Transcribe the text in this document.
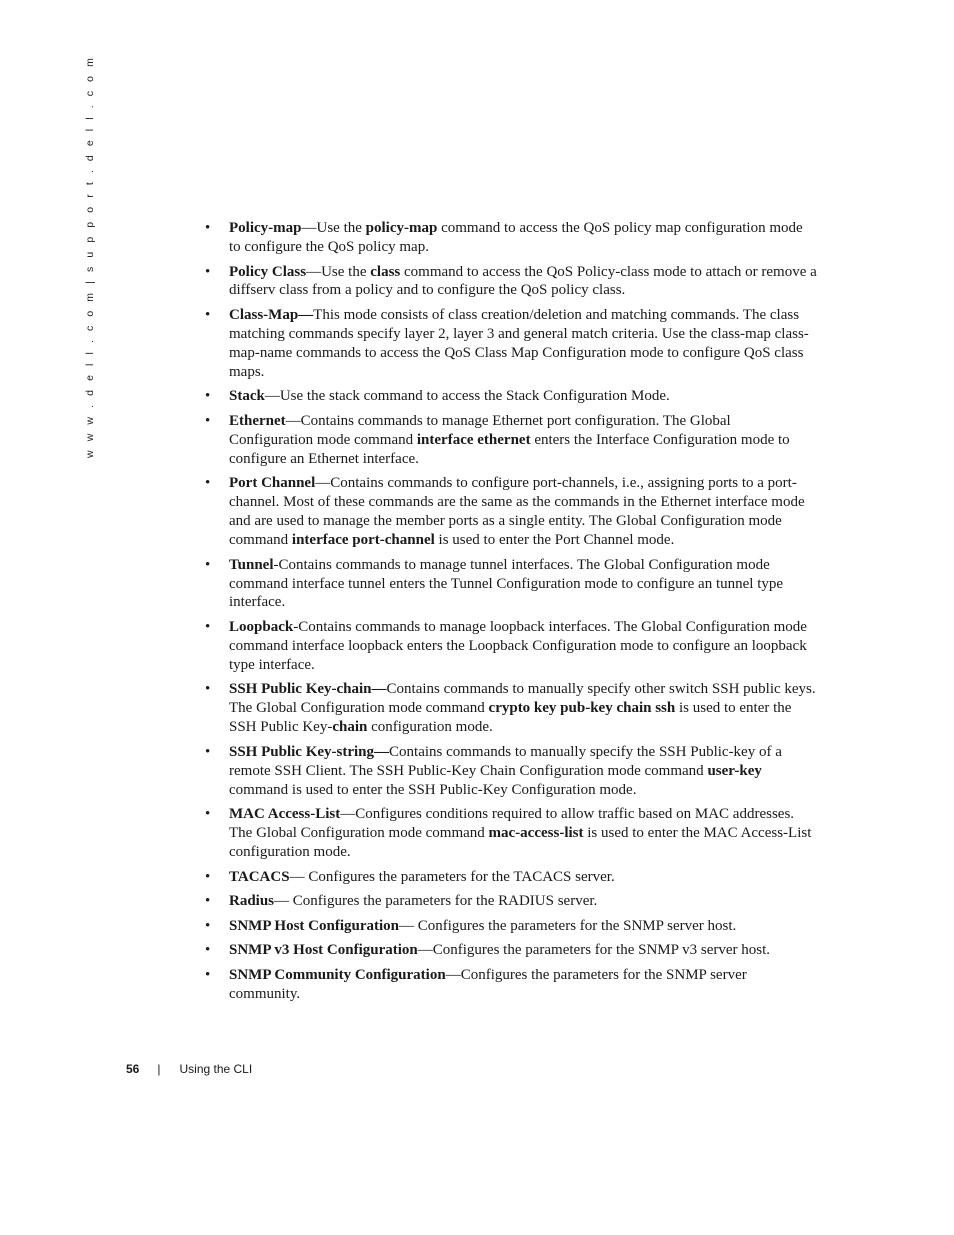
w w w . d e l l . c o m | s u p p o r t . d e l l . c o m	•	Policy-map—Use the policy-map command to access the QoS policy map configuration mode to configure the QoS policy map.
•	Policy Class—Use the class command to access the QoS Policy-class mode to attach or remove a diffserv class from a policy and to configure the QoS policy class.
•	Class-Map—This mode consists of class creation/deletion and matching commands. The class matching commands specify layer 2, layer 3 and general match criteria. Use the class-map class-map-name commands to access the QoS Class Map Configuration mode to configure QoS class maps.
•	Stack—Use the stack command to access the Stack Configuration Mode.
•	Ethernet—Contains commands to manage Ethernet port configuration. The Global Configuration mode command interface ethernet enters the Interface Configuration mode to configure an Ethernet interface.
•	Port Channel—Contains commands to configure port-channels, i.e., assigning ports to a port-channel. Most of these commands are the same as the commands in the Ethernet interface mode and are used to manage the member ports as a single entity. The Global Configuration mode command interface port-channel is used to enter the Port Channel mode.
•	Tunnel-Contains commands to manage tunnel interfaces. The Global Configuration mode command interface tunnel enters the Tunnel Configuration mode to configure an tunnel type interface.
•	Loopback-Contains commands to manage loopback interfaces. The Global Configuration mode command interface loopback enters the Loopback Configuration mode to configure an loopback type interface.
•	SSH Public Key-chain—Contains commands to manually specify other switch SSH public keys. The Global Configuration mode command crypto key pub-key chain ssh is used to enter the SSH Public Key-chain configuration mode.
•	SSH Public Key-string—Contains commands to manually specify the SSH Public-key of a remote SSH Client. The SSH Public-Key Chain Configuration mode command user-key command is used to enter the SSH Public-Key Configuration mode.
•	MAC Access-List—Configures conditions required to allow traffic based on MAC addresses. The Global Configuration mode command mac-access-list is used to enter the MAC Access-List configuration mode.
•	TACACS— Configures the parameters for the TACACS server.
•	Radius— Configures the parameters for the RADIUS server.
•	SNMP Host Configuration— Configures the parameters for the SNMP server host.
•	SNMP v3 Host Configuration—Configures the parameters for the SNMP v3 server host.
•	SNMP Community Configuration—Configures the parameters for the SNMP server community.
56 | Using the CLI
